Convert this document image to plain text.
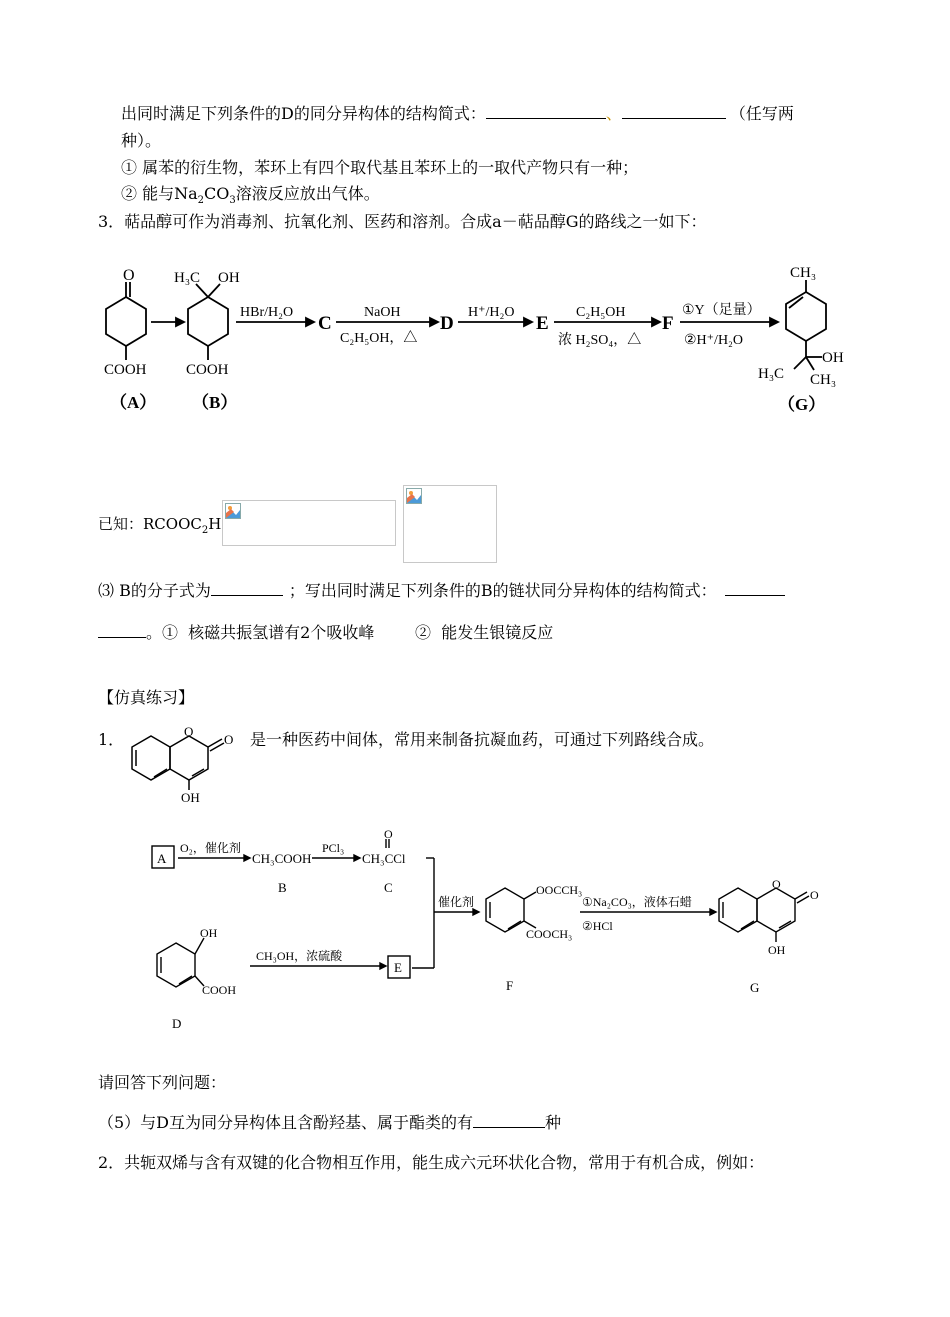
出同时满足下列条件的D的同分异构体的结构简式：	、	（任写两
种）。
① 属苯的衍生物，苯环上有四个取代基且苯环上的一取代产物只有一种；
② 能与$Na_2CO_3$溶液反应放出气体。
3．萜品醇可作为消毒剂、抗氧化剂、医药和溶剂。合成a－萜品醇G的路线之一如下：
O
COOH
H₃C OH
COOH
（A） （B）
HBr/H₂O
C
NaOH
C₂H₅OH，△
D
H⁺/H₂O
E
C₂H₅OH
浓 H₂SO₄，△
F
①Y（足量）
②H⁺/H₂O
CH₃
H₃C
OH
CH₃
（G）
已知：$RCOOC_2H$
⑶ B的分子式为	；写出同时满足下列条件的B的链状同分异构体的结构简式：
。①  核磁共振氢谱有2个吸收峰        ②  能发生银镜反应
【仿真练习】
1．	O
O
OH
是一种医药中间体，常用来制备抗凝血药，可通过下列路线合成。
A
O₂，催化剂
CH₃COOH
B
PCl₃
O
CH₃CCl
C
催化剂
OOCCH₃
COOCH₃
F
①Na₂CO₃，液体石蜡
②HCl
O
O
OH
G
OH
COOH
D
CH₃OH，浓硫酸
E
请回答下列问题：
（5）与D互为同分异构体且含酚羟基、属于酯类的有	种
2．共轭双烯与含有双键的化合物相互作用，能生成六元环状化合物，常用于有机合成，例如：
